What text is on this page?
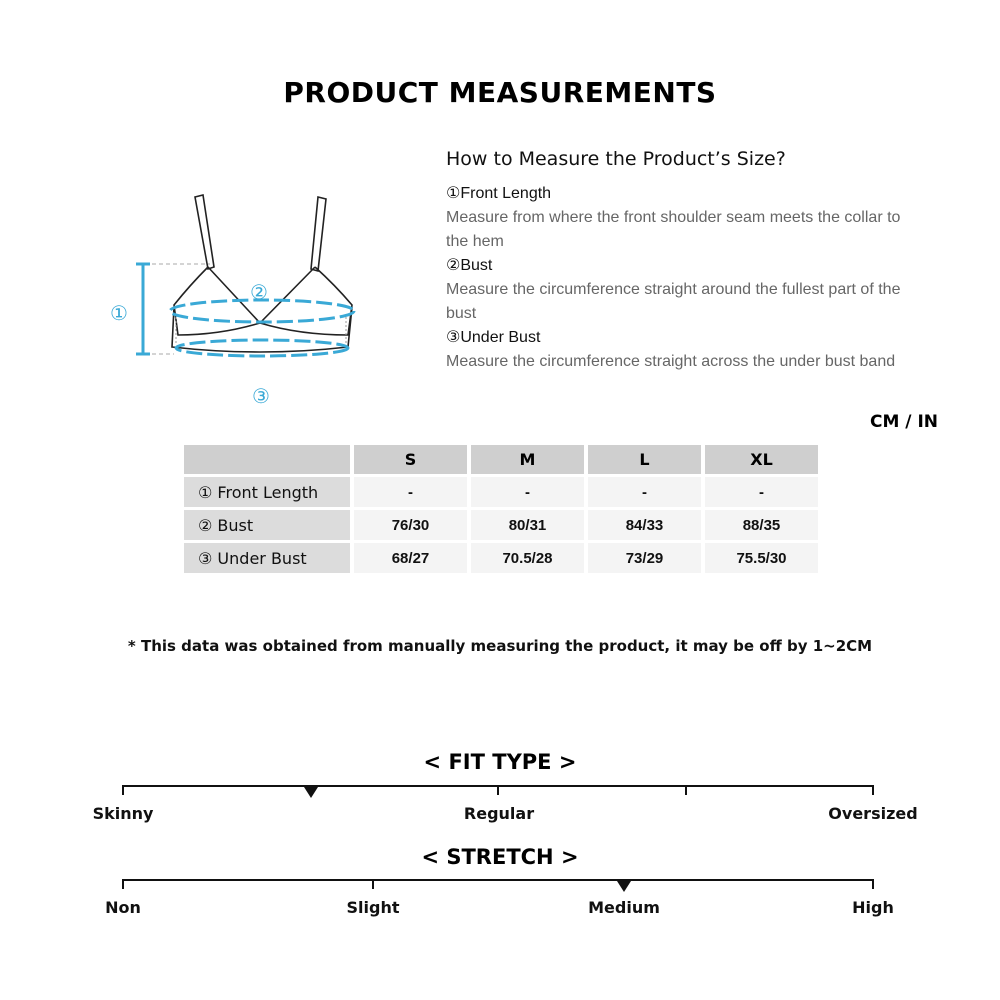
PRODUCT MEASUREMENTS
①
②
③
How to Measure the Product’s Size?

①Front Length

Measure from where the front shoulder seam meets the collar to the hem

②Bust

Measure the circumference straight around the fullest part of the bust

③Under Bust

Measure the circumference straight across the under bust band

CM / IN
	S	M	L	XL
① Front Length	-	-	-	-
② Bust	76/30	80/31	84/33	88/35
③ Under Bust	68/27	70.5/28	73/29	75.5/30
* This data was obtained from manually measuring the product, it may be off by 1~2CM
< FIT TYPE >
Skinny	Regular	Oversized
< STRETCH >
Non	Slight	Medium	High
